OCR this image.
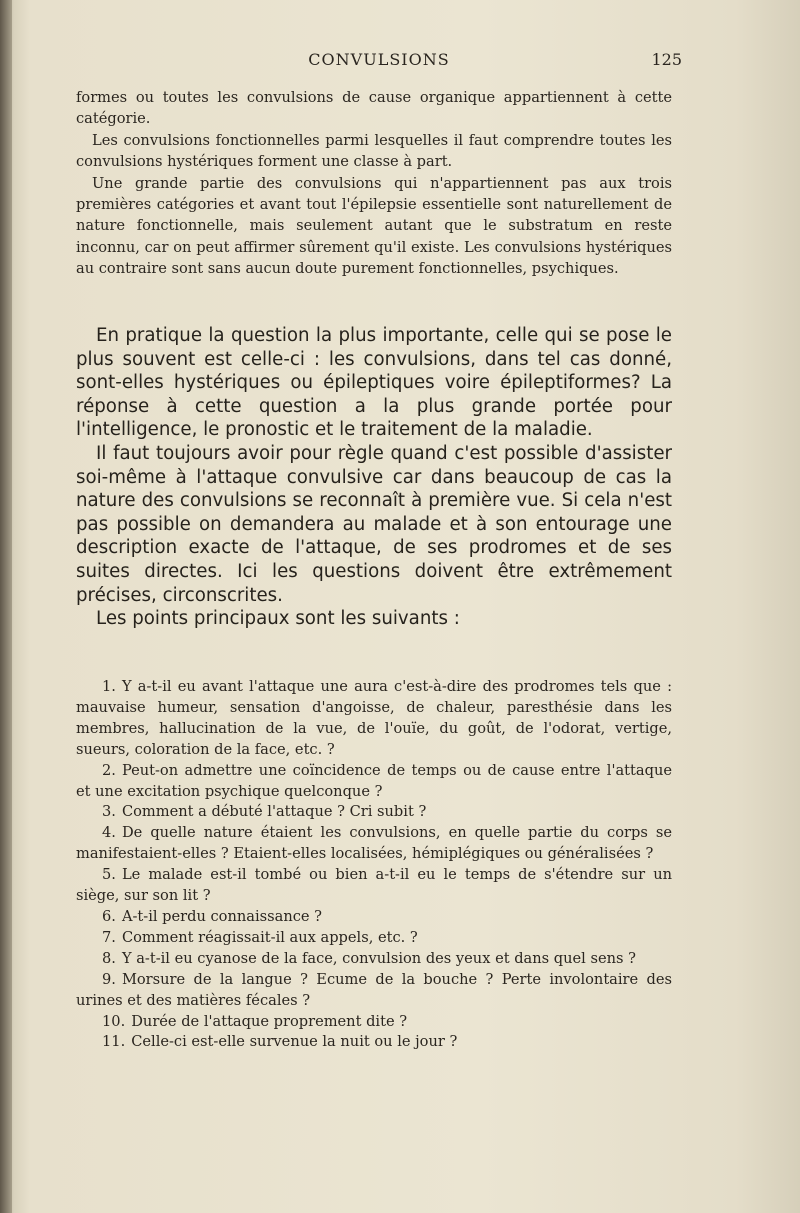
CONVULSIONS	125

formes ou toutes les convulsions de cause organique appartiennent à cette catégorie.

Les convulsions fonctionnelles parmi lesquelles il faut comprendre toutes les convulsions hystériques forment une classe à part.

Une grande partie des convulsions qui n'appartiennent pas aux trois premières catégories et avant tout l'épilepsie essentielle sont naturellement de nature fonctionnelle, mais seulement autant que le substratum en reste inconnu, car on peut affirmer sûrement qu'il existe. Les convulsions hystériques au contraire sont sans aucun doute purement fonctionnelles, psychiques.

En pratique la question la plus importante, celle qui se pose le plus souvent est celle-ci : les convulsions, dans tel cas donné, sont-elles hystériques ou épileptiques voire épileptiformes? La réponse à cette question a la plus grande portée pour l'intelligence, le pronostic et le traitement de la maladie.

Il faut toujours avoir pour règle quand c'est possible d'assister soi-même à l'attaque convulsive car dans beaucoup de cas la nature des convulsions se reconnaît à première vue. Si cela n'est pas possible on demandera au malade et à son entourage une description exacte de l'attaque, de ses prodromes et de ses suites directes. Ici les questions doivent être extrêmement précises, circonscrites.

Les points principaux sont les suivants :

1. Y a-t-il eu avant l'attaque une aura c'est-à-dire des prodromes tels que : mauvaise humeur, sensation d'angoisse, de chaleur, paresthésie dans les membres, hallucination de la vue, de l'ouïe, du goût, de l'odorat, vertige, sueurs, coloration de la face, etc. ?

2. Peut-on admettre une coïncidence de temps ou de cause entre l'attaque et une excitation psychique quelconque ?

3. Comment a débuté l'attaque ? Cri subit ?

4. De quelle nature étaient les convulsions, en quelle partie du corps se manifestaient-elles ? Etaient-elles localisées, hémiplégiques ou généralisées ?

5. Le malade est-il tombé ou bien a-t-il eu le temps de s'étendre sur un siège, sur son lit ?

6. A-t-il perdu connaissance ?

7. Comment réagissait-il aux appels, etc. ?

8. Y a-t-il eu cyanose de la face, convulsion des yeux et dans quel sens ?

9. Morsure de la langue ? Ecume de la bouche ? Perte involontaire des urines et des matières fécales ?

10. Durée de l'attaque proprement dite ?

11. Celle-ci est-elle survenue la nuit ou le jour ?
